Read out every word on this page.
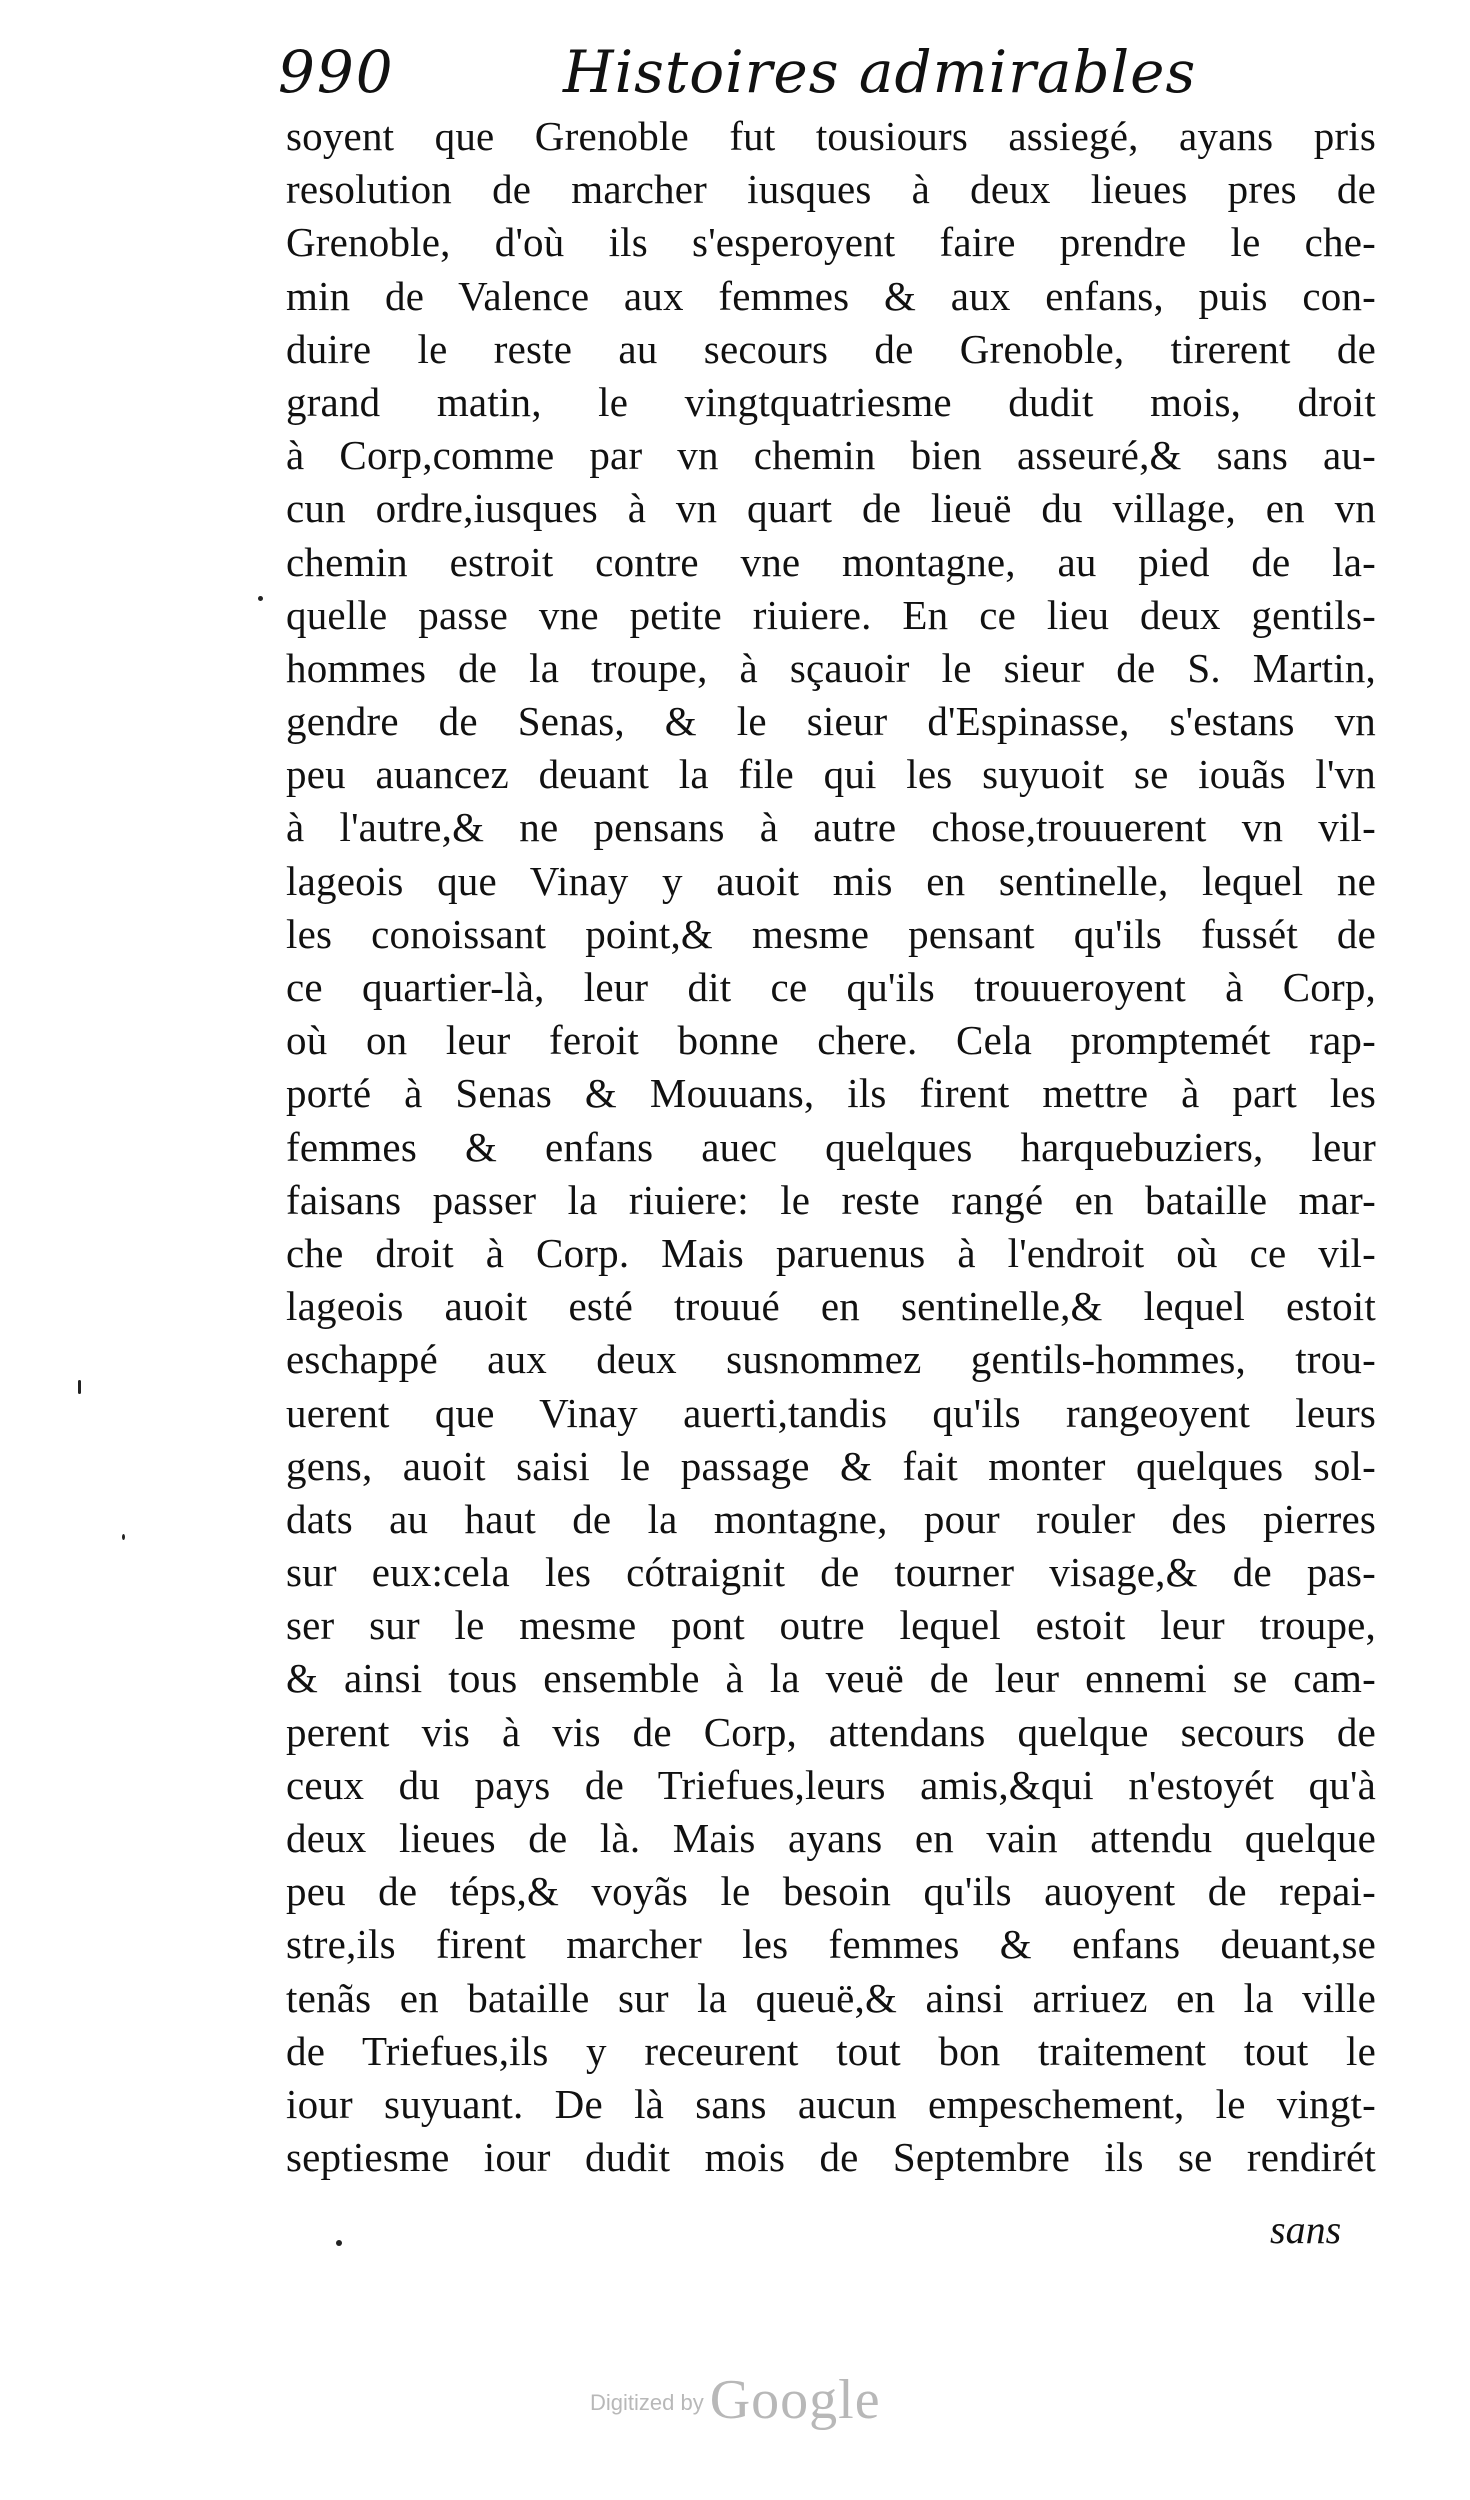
990	Histoires admirables
soyent que Grenoble fut tousiours assiegé, ayans pris
resolution de marcher iusques à deux lieues pres de
Grenoble, d'où ils s'esperoyent faire prendre le che-
min de Valence aux femmes & aux enfans, puis con-
duire le reste au secours de Grenoble, tirerent de
grand matin, le vingtquatriesme dudit mois, droit
à Corp,comme par vn chemin bien asseuré,& sans au-
cun ordre,iusques à vn quart de lieuë du village, en vn
chemin estroit contre vne montagne, au pied de la-
quelle passe vne petite riuiere. En ce lieu deux gentils-
hommes de la troupe, à sçauoir le sieur de S. Martin,
gendre de Senas, & le sieur d'Espinasse, s'estans vn
peu auancez deuant la file qui les suyuoit se iouãs l'vn
à l'autre,& ne pensans à autre chose,trouuerent vn vil-
lageois que Vinay y auoit mis en sentinelle, lequel ne
les conoissant point,& mesme pensant qu'ils fussét de
ce quartier-là, leur dit ce qu'ils trouueroyent à Corp,
où on leur feroit bonne chere. Cela promptemét rap-
porté à Senas & Mouuans, ils firent mettre à part les
femmes & enfans auec quelques harquebuziers, leur
faisans passer la riuiere: le reste rangé en bataille mar-
che droit à Corp. Mais paruenus à l'endroit où ce vil-
lageois auoit esté trouué en sentinelle,& lequel estoit
eschappé aux deux susnommez gentils-hommes, trou-
uerent que Vinay auerti,tandis qu'ils rangeoyent leurs
gens, auoit saisi le passage & fait monter quelques sol-
dats au haut de la montagne, pour rouler des pierres
sur eux:cela les cótraignit de tourner visage,& de pas-
ser sur le mesme pont outre lequel estoit leur troupe,
& ainsi tous ensemble à la veuë de leur ennemi se cam-
perent vis à vis de Corp, attendans quelque secours de
ceux du pays de Triefues,leurs amis,&qui n'estoyét qu'à
deux lieues de là. Mais ayans en vain attendu quelque
peu de téps,& voyãs le besoin qu'ils auoyent de repai-
stre,ils firent marcher les femmes & enfans deuant,se
tenãs en bataille sur la queuë,& ainsi arriuez en la ville
de Triefues,ils y receurent tout bon traitement tout le
iour suyuant. De là sans aucun empeschement, le vingt-
septiesme iour dudit mois de Septembre ils se rendirét
sans
Digitized by Google
